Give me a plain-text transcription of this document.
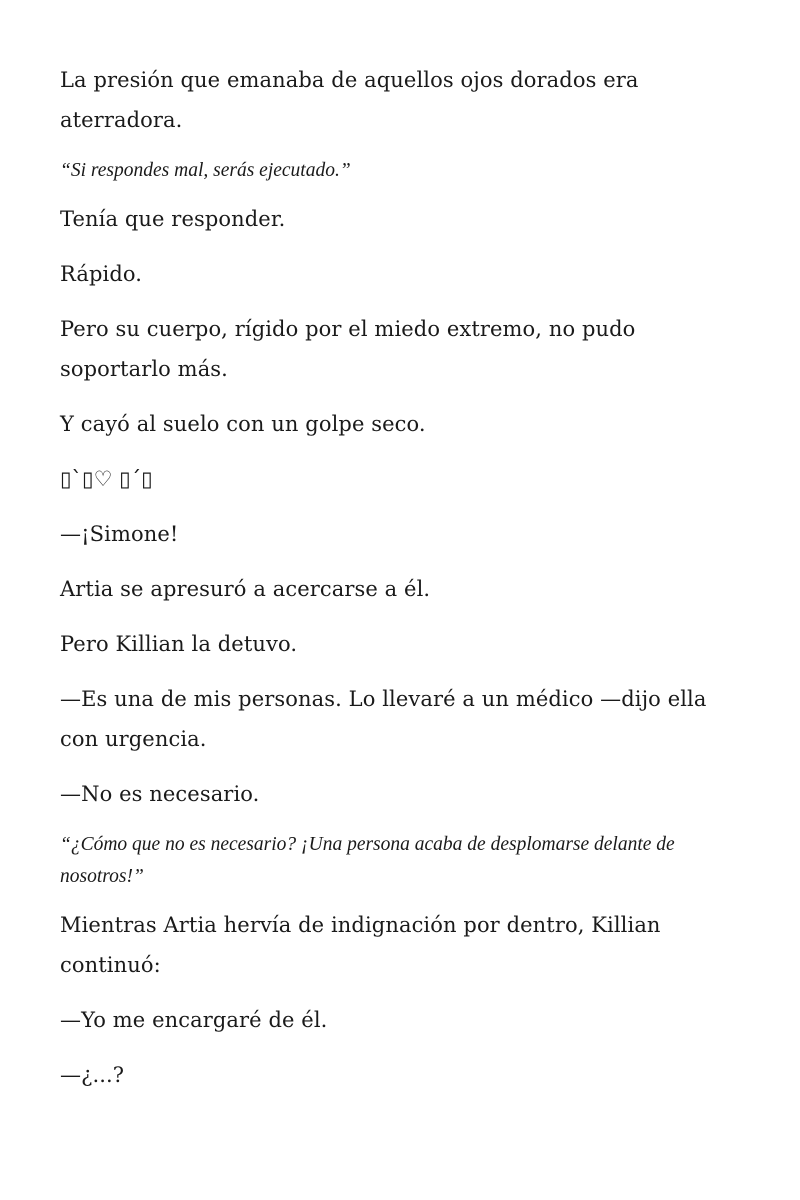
La presión que emanaba de aquellos ojos dorados era aterradora.

“Si respondes mal, serás ejecutado.”

Tenía que responder.

Rápido.

Pero su cuerpo, rígido por el miedo extremo, no pudo soportarlo más.

Y cayó al suelo con un golpe seco.

▯`▯♡ ▯´▯

—¡Simone!

Artia se apresuró a acercarse a él.

Pero Killian la detuvo.

—Es una de mis personas. Lo llevaré a un médico —dijo ella con urgencia.

—No es necesario.

“¿Cómo que no es necesario? ¡Una persona acaba de desplomarse delante de nosotros!”

Mientras Artia hervía de indignación por dentro, Killian continuó:

—Yo me encargaré de él.

—¿...?
